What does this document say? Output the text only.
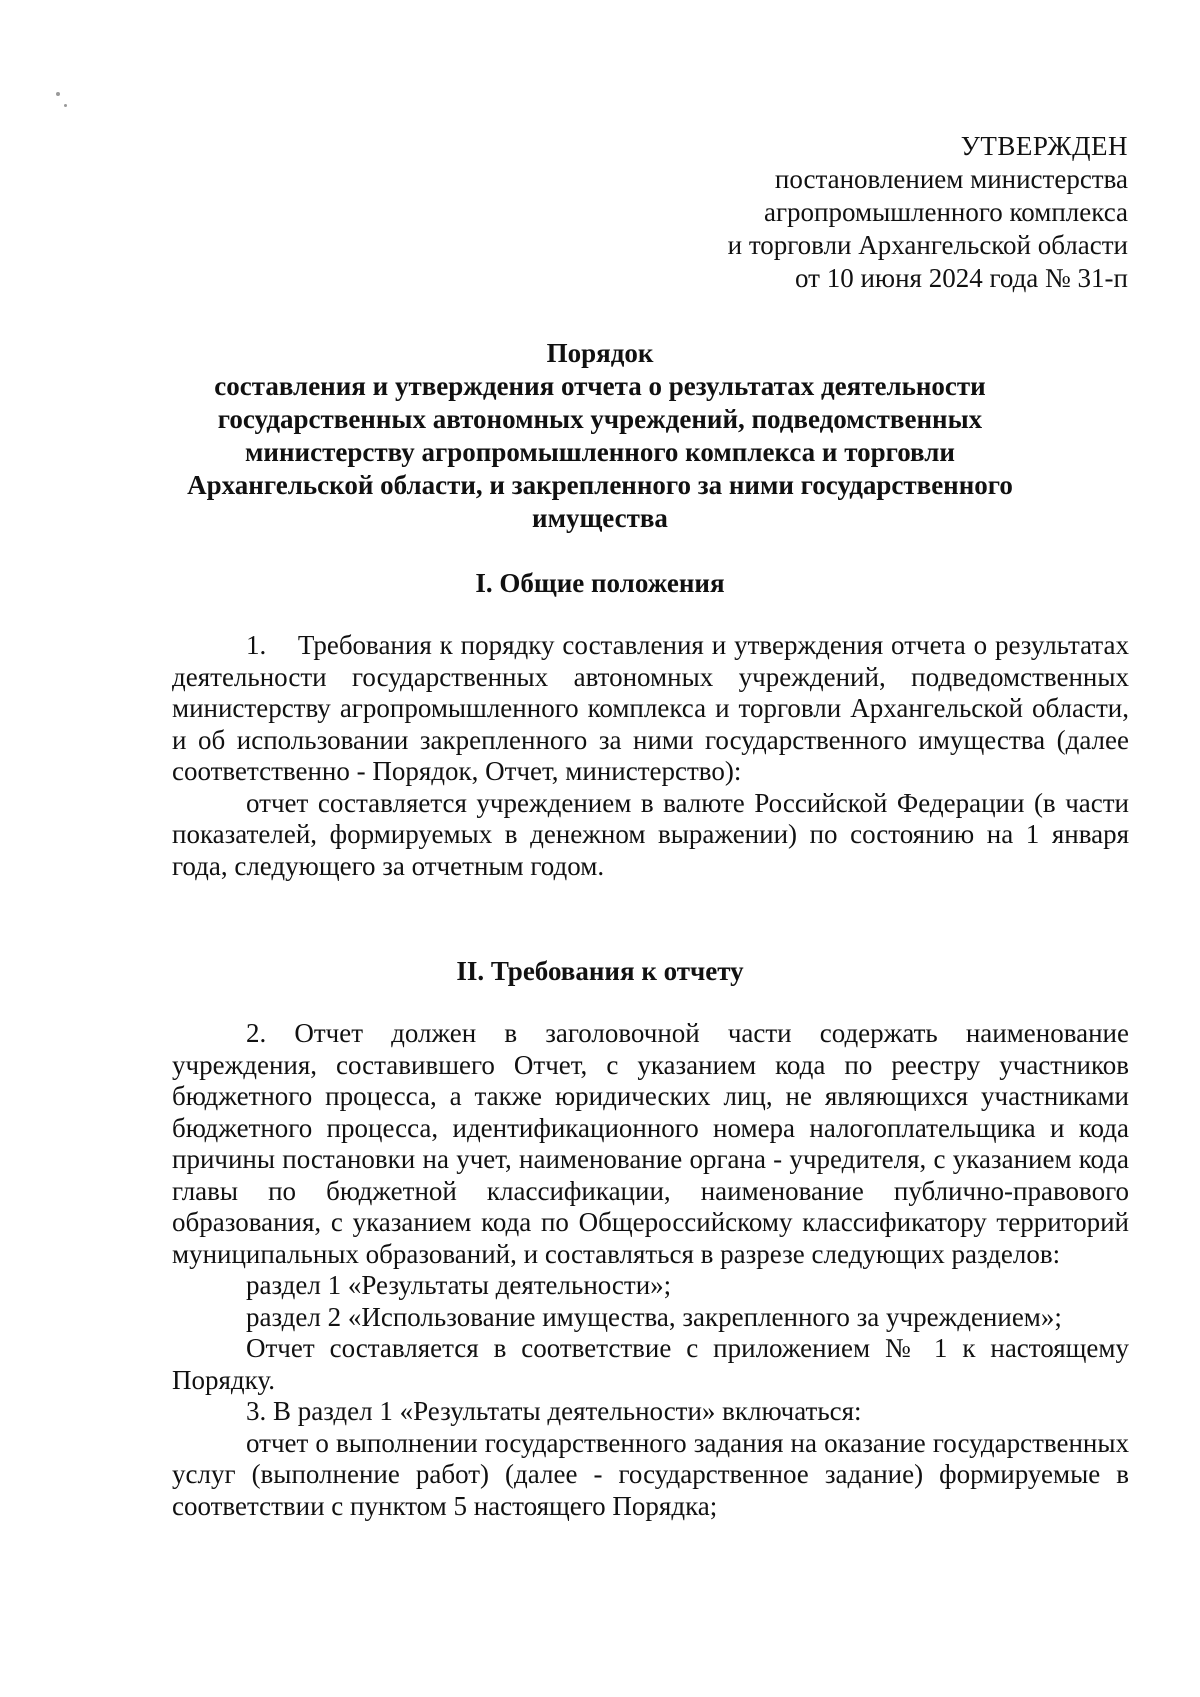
УТВЕРЖДЕН
постановлением министерства
агропромышленного комплекса
и торговли Архангельской области
от 10 июня 2024 года № 31-п
Порядок
составления и утверждения отчета о результатах деятельности
государственных автономных учреждений, подведомственных
министерству агропромышленного комплекса и торговли
Архангельской области, и закрепленного за ними государственного
имущества
I. Общие положения

1.    Требования к порядку составления и утверждения отчета о результатах деятельности государственных автономных учреждений, подведомственных министерству агропромышленного комплекса и торговли Архангельской области, и об использовании закрепленного за ними государственного имущества (далее соответственно - Порядок, Отчет, министерство):

отчет составляется учреждением в валюте Российской Федерации (в части показателей, формируемых в денежном выражении) по состоянию на 1 января года, следующего за отчетным годом.

II. Требования к отчету

2. Отчет должен в заголовочной части содержать наименование учреждения, составившего Отчет, с указанием кода по реестру участников бюджетного процесса, а также юридических лиц, не являющихся участниками бюджетного процесса, идентификационного номера налогоплательщика и кода причины постановки на учет, наименование органа - учредителя, с указанием кода главы по бюджетной классификации, наименование публично-правового образования, с указанием кода по Общероссийскому классификатору территорий муниципальных образований, и составляться в разрезе следующих разделов:

раздел 1 «Результаты деятельности»;

раздел 2 «Использование имущества, закрепленного за учреждением»;

Отчет составляется в соответствие с приложением № 1 к настоящему Порядку.

3. В раздел 1 «Результаты деятельности» включаться:

отчет о выполнении государственного задания на оказание государственных услуг (выполнение работ) (далее - государственное задание) формируемые в соответствии с пунктом 5 настоящего Порядка;
